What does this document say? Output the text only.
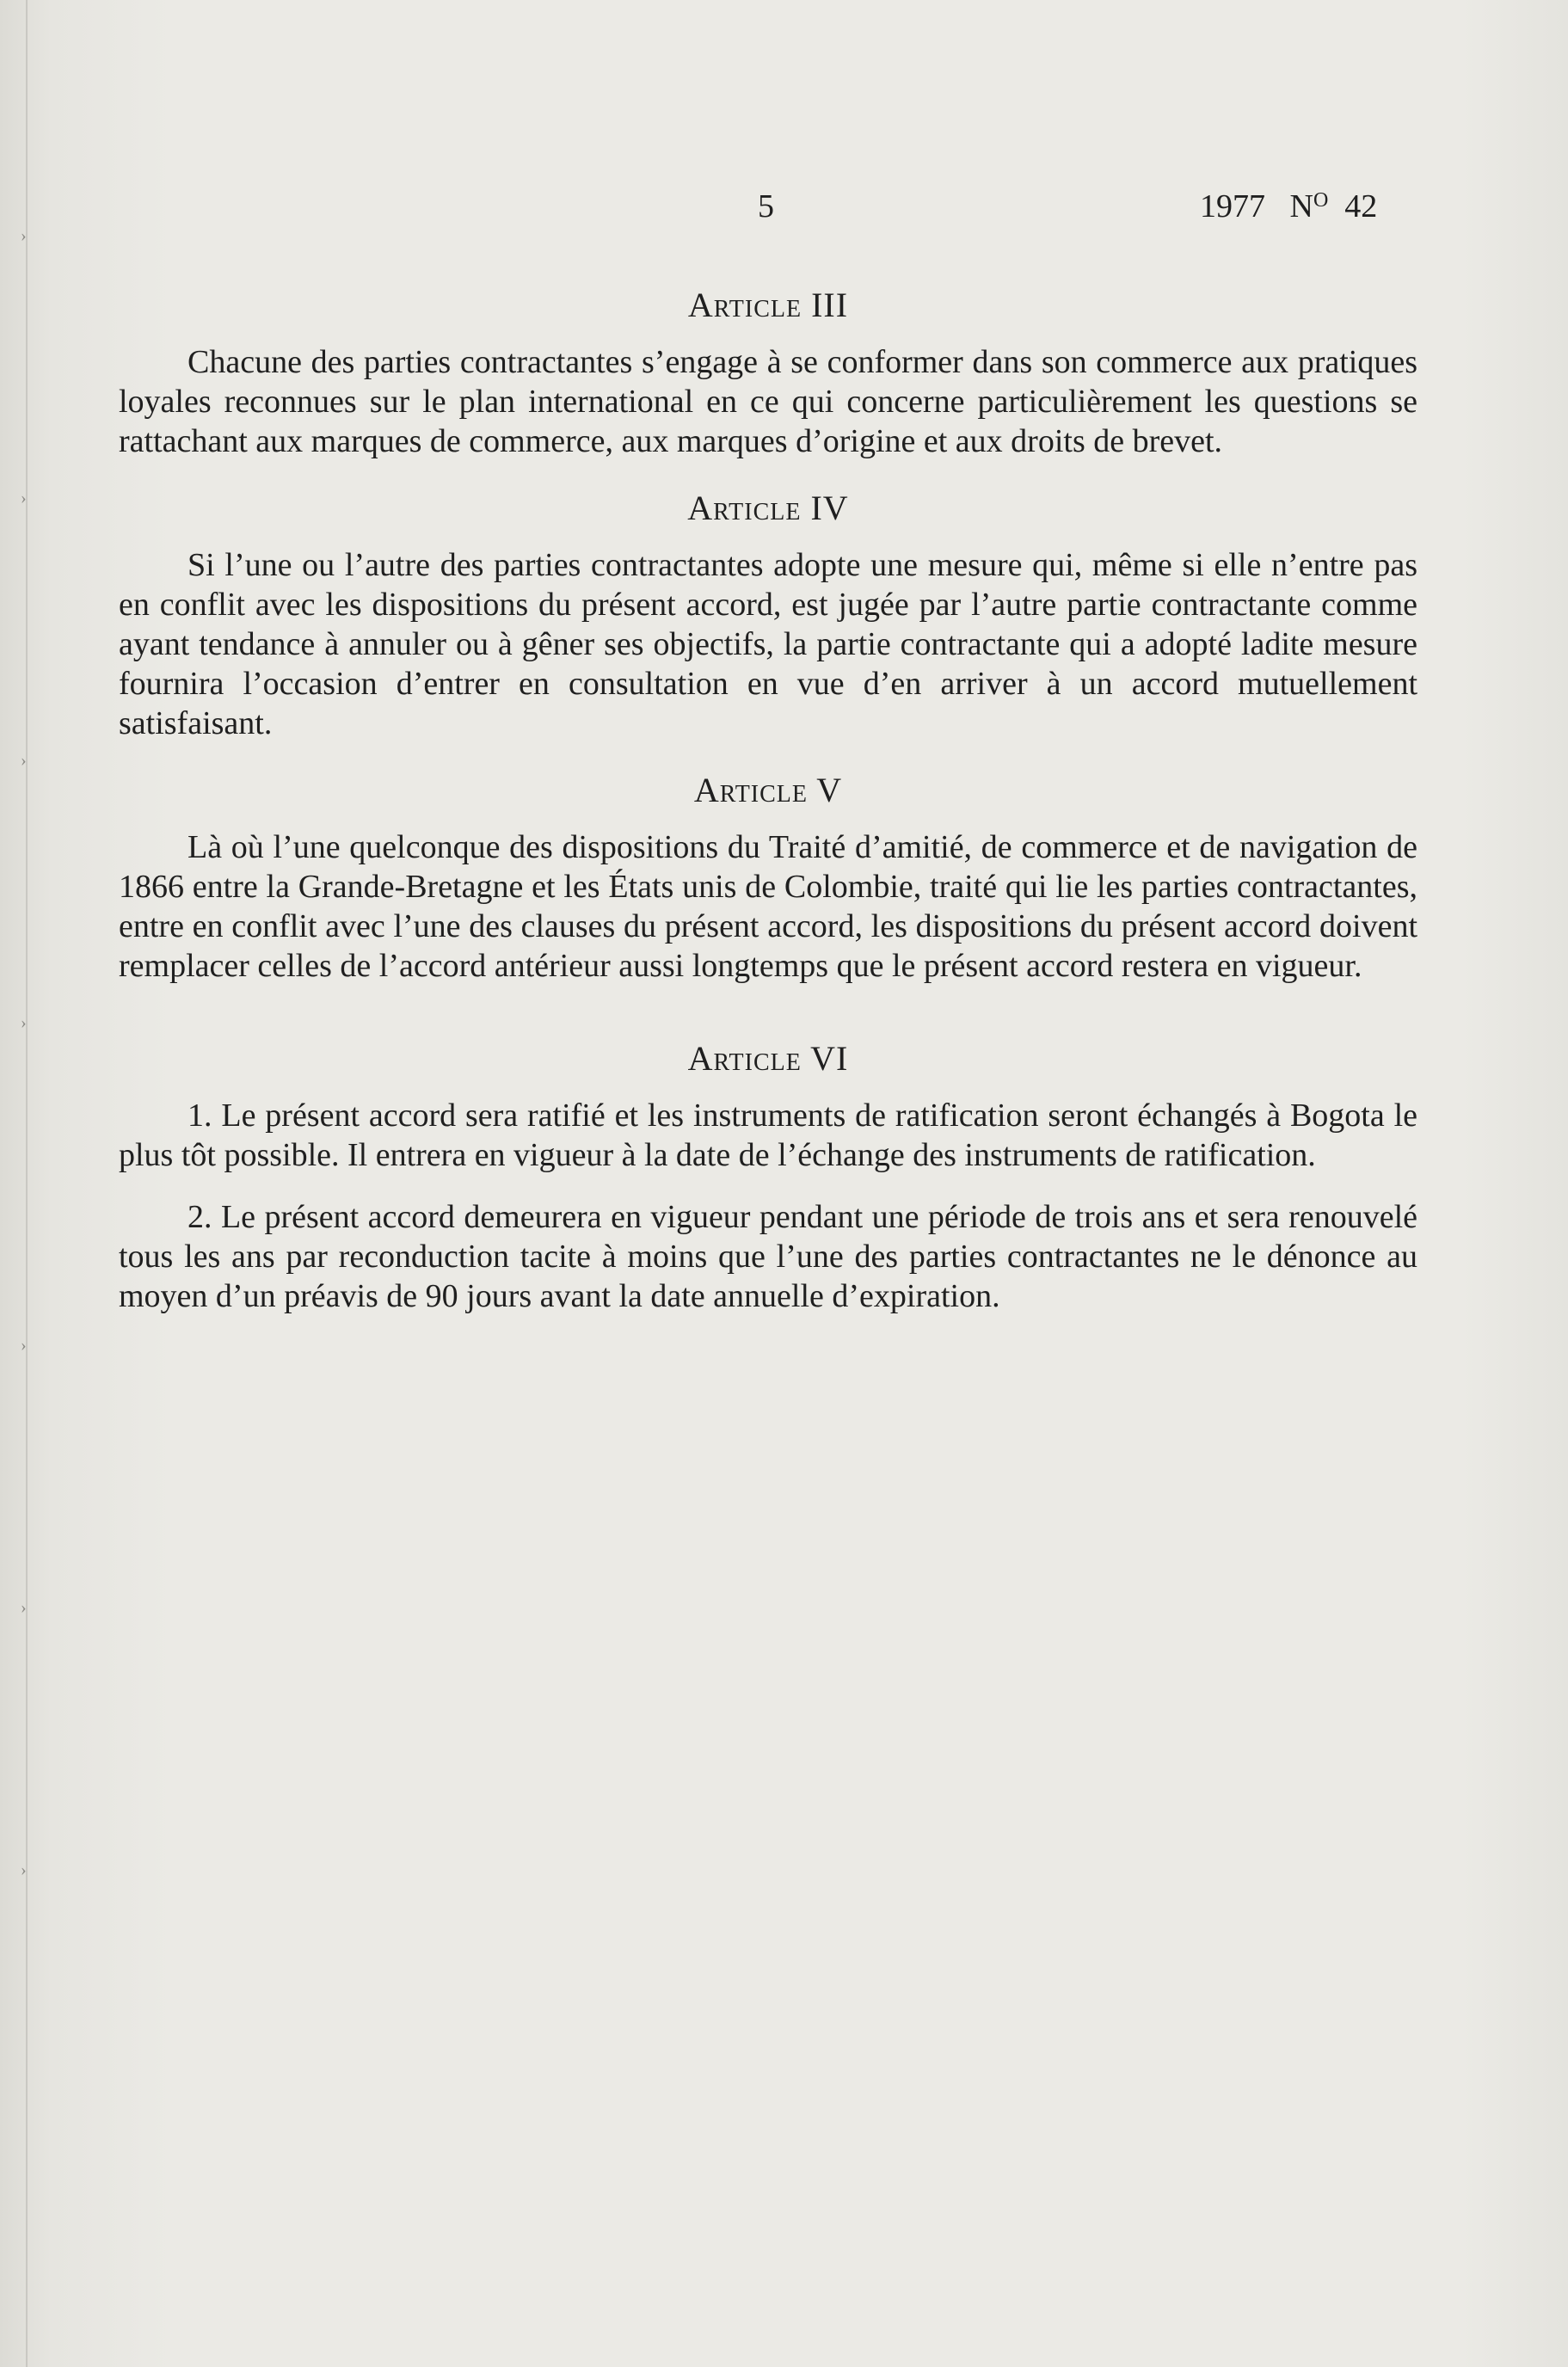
›
›
›
›
›
›
›
5	1977 $N^O$ 42
Article III

Chacune des parties contractantes s’engage à se conformer dans son commerce aux pratiques loyales reconnues sur le plan international en ce qui concerne particulièrement les questions se rattachant aux marques de commerce, aux marques d’origine et aux droits de brevet.

Article IV

Si l’une ou l’autre des parties contractantes adopte une mesure qui, même si elle n’entre pas en conflit avec les dispositions du présent accord, est jugée par l’autre partie contractante comme ayant tendance à annuler ou à gêner ses objectifs, la partie contractante qui a adopté ladite mesure fournira l’occasion d’entrer en consultation en vue d’en arriver à un accord mutuellement satisfaisant.

Article V

Là où l’une quelconque des dispositions du Traité d’amitié, de commerce et de navigation de 1866 entre la Grande-Bretagne et les États unis de Colombie, traité qui lie les parties contractantes, entre en conflit avec l’une des clauses du présent accord, les dispositions du présent accord doivent remplacer celles de l’accord antérieur aussi longtemps que le présent accord restera en vigueur.

Article VI

1. Le présent accord sera ratifié et les instruments de ratification seront échangés à Bogota le plus tôt possible. Il entrera en vigueur à la date de l’échange des instruments de ratification.

2. Le présent accord demeurera en vigueur pendant une période de trois ans et sera renouvelé tous les ans par reconduction tacite à moins que l’une des parties contractantes ne le dénonce au moyen d’un préavis de 90 jours avant la date annuelle d’expiration.
